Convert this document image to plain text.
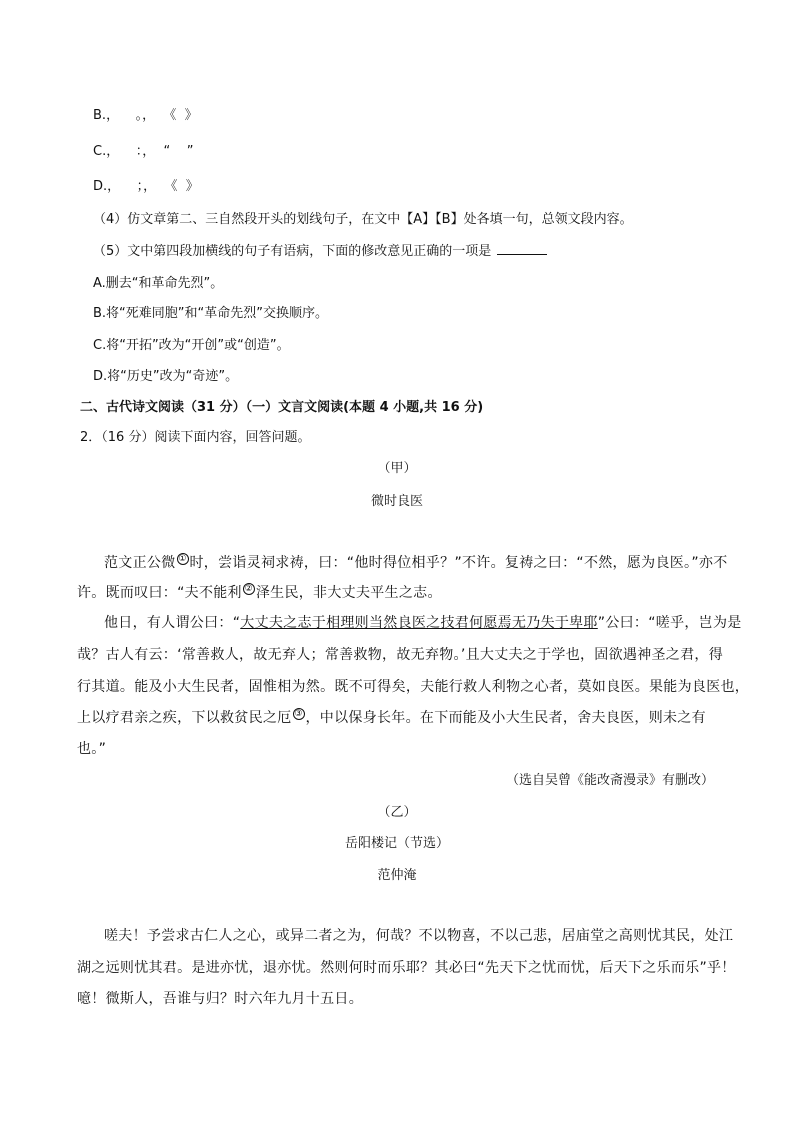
B.，    。，  《  》
C.，    ：，  “    ”
D.，    ；，  《  》
（4）仿文章第二、三自然段开头的划线句子，在文中【A】【B】处各填一句，总领文段内容。
（5）文中第四段加横线的句子有语病，下面的修改意见正确的一项是
A.删去“和革命先烈”。
B.将“死难同胞”和“革命先烈”交换顺序。
C.将“开拓”改为“开创”或“创造”。
D.将“历史”改为“奇迹”。
二、古代诗文阅读（31 分）（一）文言文阅读(本题 4 小题,共 16 分)
2．（16 分）阅读下面内容，回答问题。
（甲）
微时良医
范文正公微 ① 时，尝诣灵祠求祷，曰：“他时得位相乎？”不许。复祷之曰：“不然，愿为良医。”亦不
许。既而叹曰：“夫不能利 ② 泽生民，非大丈夫平生之志。
他日，有人谓公曰：“大丈夫之志于相理则当然良医之技君何愿焉无乃失于卑耶”公曰：“嗟乎，岂为是
哉？古人有云：‘常善救人，故无弃人；常善救物，故无弃物。’且大丈夫之于学也，固欲遇神圣之君，得
行其道。能及小大生民者，固惟相为然。既不可得矣，夫能行救人利物之心者，莫如良医。果能为良医也，
上以疗君亲之疾，下以救贫民之厄 ③ ，中以保身长年。在下而能及小大生民者，舍夫良医，则未之有
也。”
（选自吴曾《能改斋漫录》有删改）
（乙）
岳阳楼记（节选）
范仲淹
嗟夫！予尝求古仁人之心，或异二者之为，何哉？不以物喜，不以己悲，居庙堂之高则忧其民，处江
湖之远则忧其君。是进亦忧，退亦忧。然则何时而乐耶？其必曰“先天下之忧而忧，后天下之乐而乐”乎！
噫！微斯人，吾谁与归？时六年九月十五日。
